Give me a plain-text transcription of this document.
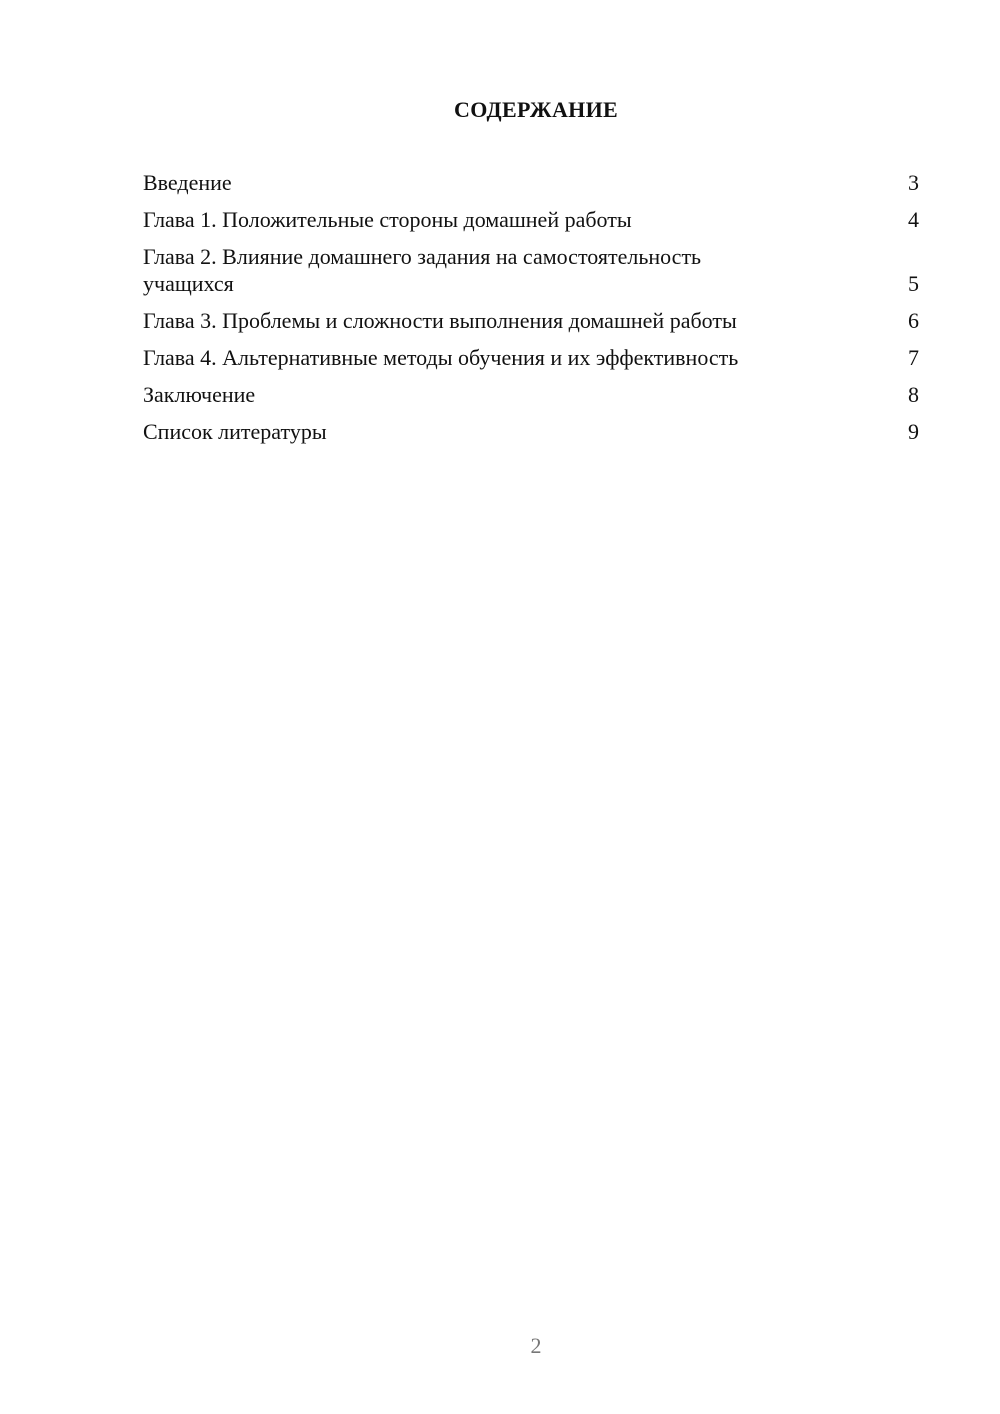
СОДЕРЖАНИЕ
Введение	3
Глава 1. Положительные стороны домашней работы	4
Глава 2. Влияние домашнего задания на самостоятельность
учащихся	5
Глава 3. Проблемы и сложности выполнения домашней работы	6
Глава 4. Альтернативные методы обучения и их эффективность	7
Заключение	8
Список литературы	9
2
